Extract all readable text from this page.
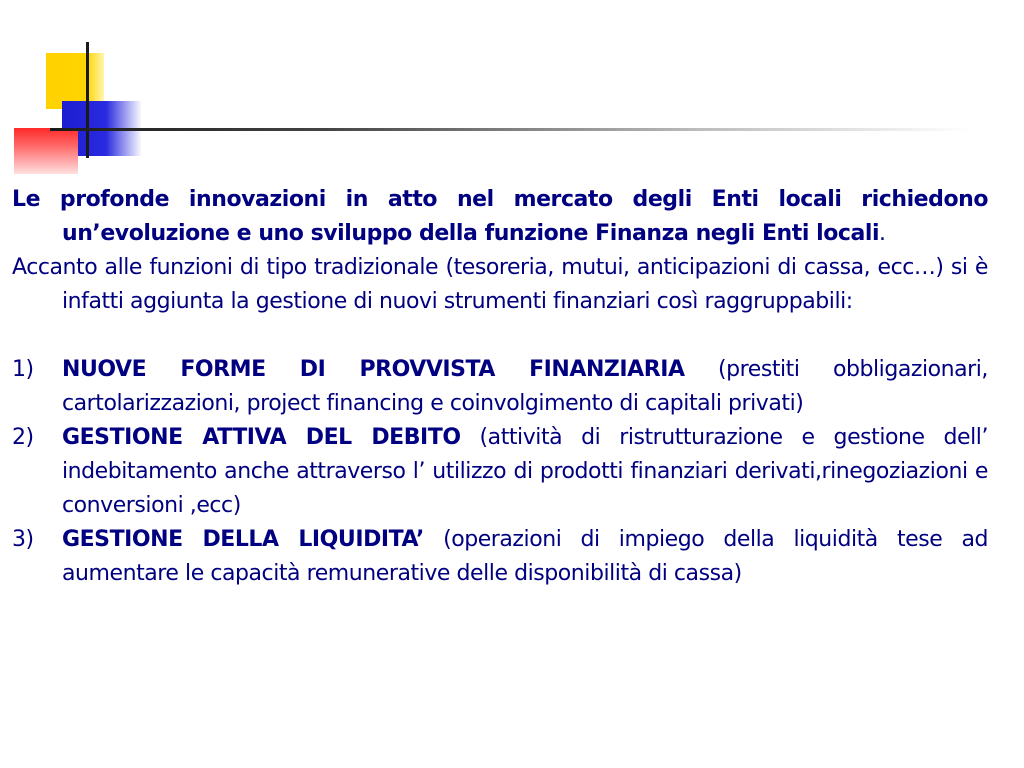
Le profonde innovazioni in atto nel mercato degli Enti locali richiedono un’evoluzione e uno sviluppo della funzione Finanza negli Enti locali.

Accanto alle funzioni di tipo tradizionale (tesoreria, mutui, anticipazioni di cassa, ecc…) si è infatti aggiunta la gestione di nuovi strumenti finanziari così raggruppabili:

1)	NUOVE FORME DI PROVVISTA FINANZIARIA (prestiti obbligazionari, cartolarizzazioni, project financing e coinvolgimento di capitali privati)
2)	GESTIONE ATTIVA DEL DEBITO (attività di ristrutturazione e gestione dell’ indebitamento anche attraverso l’ utilizzo di prodotti finanziari derivati,rinegoziazioni e conversioni ,ecc)
3)	GESTIONE DELLA LIQUIDITA’ (operazioni di impiego della liquidità tese ad aumentare le capacità remunerative delle disponibilità di cassa)
